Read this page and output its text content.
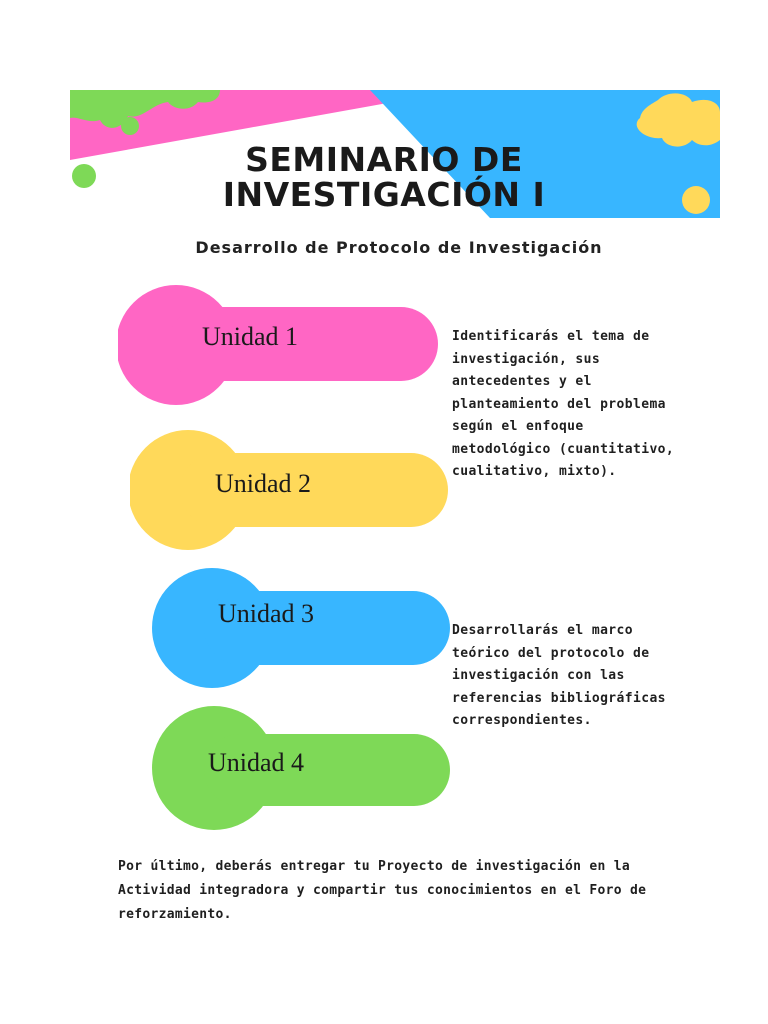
SEMINARIO DE
INVESTIGACIÓN I
Desarrollo de Protocolo de Investigación
Unidad 1
Unidad 2
Unidad 3
Unidad 4
Identificarás el tema de
investigación, sus
antecedentes y el
planteamiento del problema
según el enfoque
metodológico (cuantitativo,
cualitativo, mixto).
Desarrollarás el marco
teórico del protocolo de
investigación con las
referencias bibliográficas
correspondientes.
Por último, deberás entregar tu Proyecto de investigación en la
Actividad integradora y compartir tus conocimientos en el Foro de
reforzamiento.
